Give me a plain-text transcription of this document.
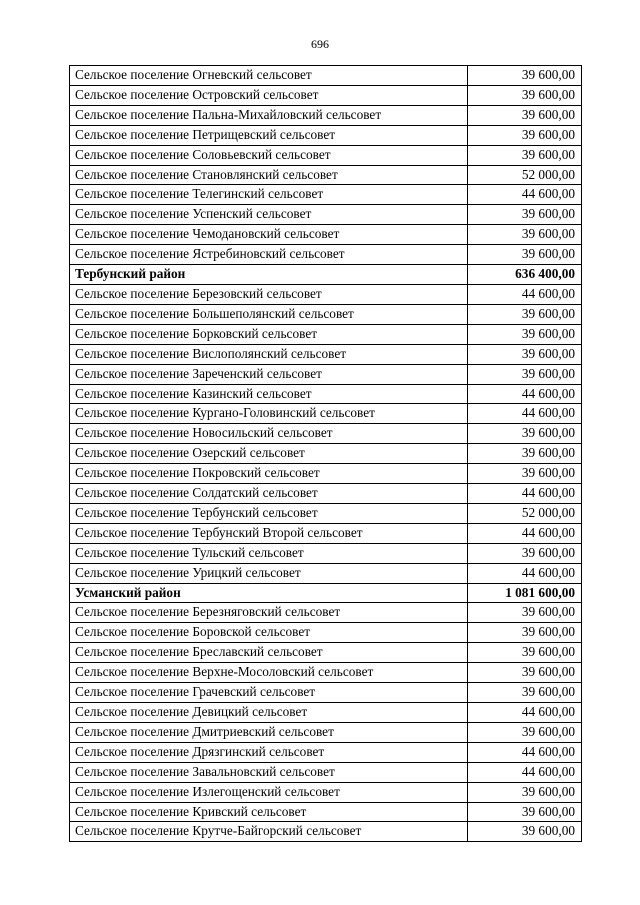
696
Сельское поселение Огневский сельсовет	39 600,00
Сельское поселение Островский сельсовет	39 600,00
Сельское поселение Пальна-Михайловский сельсовет	39 600,00
Сельское поселение Петрищевский сельсовет	39 600,00
Сельское поселение Соловьевский сельсовет	39 600,00
Сельское поселение Становлянский сельсовет	52 000,00
Сельское поселение Телегинский сельсовет	44 600,00
Сельское поселение Успенский сельсовет	39 600,00
Сельское поселение Чемодановский сельсовет	39 600,00
Сельское поселение Ястребиновский сельсовет	39 600,00
Тербунский район	636 400,00
Сельское поселение Березовский сельсовет	44 600,00
Сельское поселение Большеполянский сельсовет	39 600,00
Сельское поселение Борковский сельсовет	39 600,00
Сельское поселение Вислополянский сельсовет	39 600,00
Сельское поселение Зареченский сельсовет	39 600,00
Сельское поселение Казинский сельсовет	44 600,00
Сельское поселение Кургано-Головинский сельсовет	44 600,00
Сельское поселение Новосильский сельсовет	39 600,00
Сельское поселение Озерский сельсовет	39 600,00
Сельское поселение Покровский сельсовет	39 600,00
Сельское поселение Солдатский сельсовет	44 600,00
Сельское поселение Тербунский сельсовет	52 000,00
Сельское поселение Тербунский Второй сельсовет	44 600,00
Сельское поселение Тульский сельсовет	39 600,00
Сельское поселение Урицкий сельсовет	44 600,00
Усманский район	1 081 600,00
Сельское поселение Березняговский сельсовет	39 600,00
Сельское поселение Боровской сельсовет	39 600,00
Сельское поселение Бреславский сельсовет	39 600,00
Сельское поселение Верхне-Мосоловский сельсовет	39 600,00
Сельское поселение Грачевский сельсовет	39 600,00
Сельское поселение Девицкий сельсовет	44 600,00
Сельское поселение Дмитриевский сельсовет	39 600,00
Сельское поселение Дрязгинский сельсовет	44 600,00
Сельское поселение Завальновский сельсовет	44 600,00
Сельское поселение Излегощенский сельсовет	39 600,00
Сельское поселение Кривский сельсовет	39 600,00
Сельское поселение Крутче-Байгорский сельсовет	39 600,00
